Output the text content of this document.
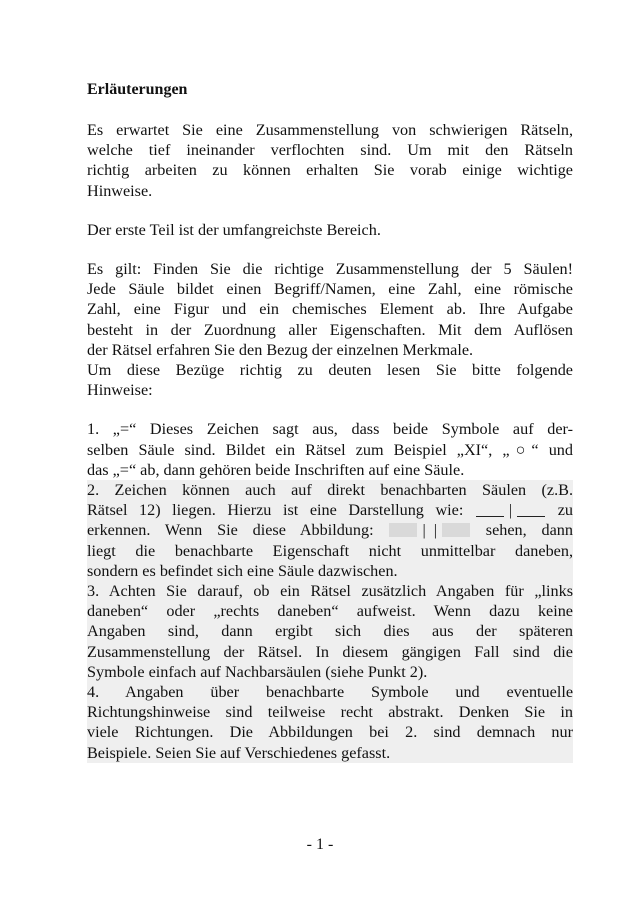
Erläuterungen

Es erwartet Sie eine Zusammenstellung von schwierigen Rätseln,
welche tief ineinander verflochten sind. Um mit den Rätseln
richtig arbeiten zu können erhalten Sie vorab einige wichtige
Hinweise.

Der erste Teil ist der umfangreichste Bereich.

Es gilt: Finden Sie die richtige Zusammenstellung der 5 Säulen!
Jede Säule bildet einen Begriff/Namen, eine Zahl, eine römische
Zahl, eine Figur und ein chemisches Element ab. Ihre Aufgabe
besteht in der Zuordnung aller Eigenschaften. Mit dem Auflösen
der Rätsel erfahren Sie den Bezug der einzelnen Merkmale.
Um diese Bezüge richtig zu deuten lesen Sie bitte folgende
Hinweise:

1. „=“ Dieses Zeichen sagt aus, dass beide Symbole auf der-
selben Säule sind. Bildet ein Rätsel zum Beispiel „XI“, „○“ und
das „=“ ab, dann gehören beide Inschriften auf eine Säule.

2. Zeichen können auch auf direkt benachbarten Säulen (z.B.
Rätsel 12) liegen. Hierzu ist eine Darstellung wie:	|	zu
erkennen. Wenn Sie diese Abbildung:	| |	sehen, dann
liegt die benachbarte Eigenschaft nicht unmittelbar daneben,
sondern es befindet sich eine Säule dazwischen.

3. Achten Sie darauf, ob ein Rätsel zusätzlich Angaben für „links
daneben“ oder „rechts daneben“ aufweist. Wenn dazu keine
Angaben sind, dann ergibt sich dies aus der späteren
Zusammenstellung der Rätsel. In diesem gängigen Fall sind die
Symbole einfach auf Nachbarsäulen (siehe Punkt 2).

4. Angaben über benachbarte Symbole und eventuelle
Richtungshinweise sind teilweise recht abstrakt. Denken Sie in
viele Richtungen. Die Abbildungen bei 2. sind demnach nur
Beispiele. Seien Sie auf Verschiedenes gefasst.

- 1 -
